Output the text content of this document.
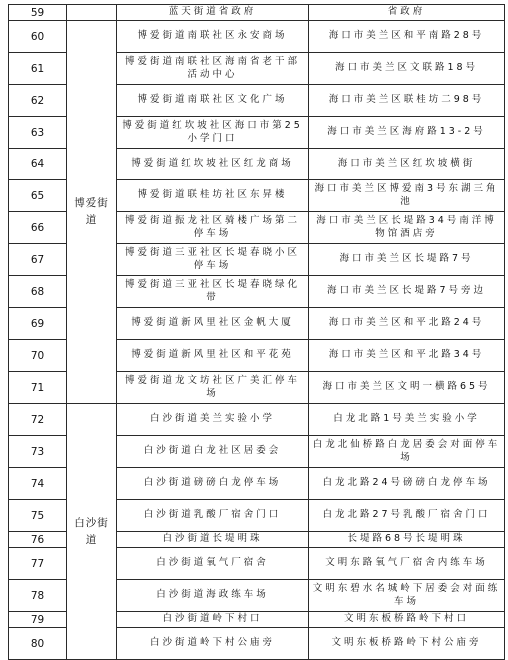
59		蓝天街道省政府	省政府
60	博爱街道	博爱街道南联社区永安商场	海口市美兰区和平南路28号
61		博爱街道南联社区海南省老干部活动中心	海口市美兰区文联路18号
62		博爱街道南联社区文化广场	海口市美兰区联桂坊二98号
63		博爱街道红坎坡社区海口市第25小学门口	海口市美兰区海府路13-2号
64		博爱街道红坎坡社区红龙商场	海口市美兰区红坎坡横街
65		博爱街道联桂坊社区东昇楼	海口市美兰区博爱南3号东湖三角池
66		博爱街道振龙社区骑楼广场第二停车场	海口市美兰区长堤路34号南洋博物馆酒店旁
67		博爱街道三亚社区长堤春晓小区停车场	海口市美兰区长堤路7号
68		博爱街道三亚社区长堤春晓绿化带	海口市美兰区长堤路7号旁边
69		博爱街道新风里社区金帆大厦	海口市美兰区和平北路24号
70		博爱街道新风里社区和平花苑	海口市美兰区和平北路34号
71		博爱街道龙文坊社区广美汇停车场	海口市美兰区文明一横路65号
72	白沙街道	白沙街道美兰实验小学	白龙北路1号美兰实验小学
73		白沙街道白龙社区居委会	白龙北仙桥路白龙居委会对面停车场
74		白沙街道磅磅白龙停车场	白龙北路24号磅磅白龙停车场
75		白沙街道乳酸厂宿舍门口	白龙北路27号乳酸厂宿舍门口
76		白沙街道长堤明珠	长堤路68号长堤明珠
77		白沙街道氧气厂宿舍	文明东路氧气厂宿舍内练车场
78		白沙街道海政练车场	文明东碧水名城岭下居委会对面练车场
79		白沙街道岭下村口	文明东板桥路岭下村口
80		白沙街道岭下村公庙旁	文明东板桥路岭下村公庙旁
